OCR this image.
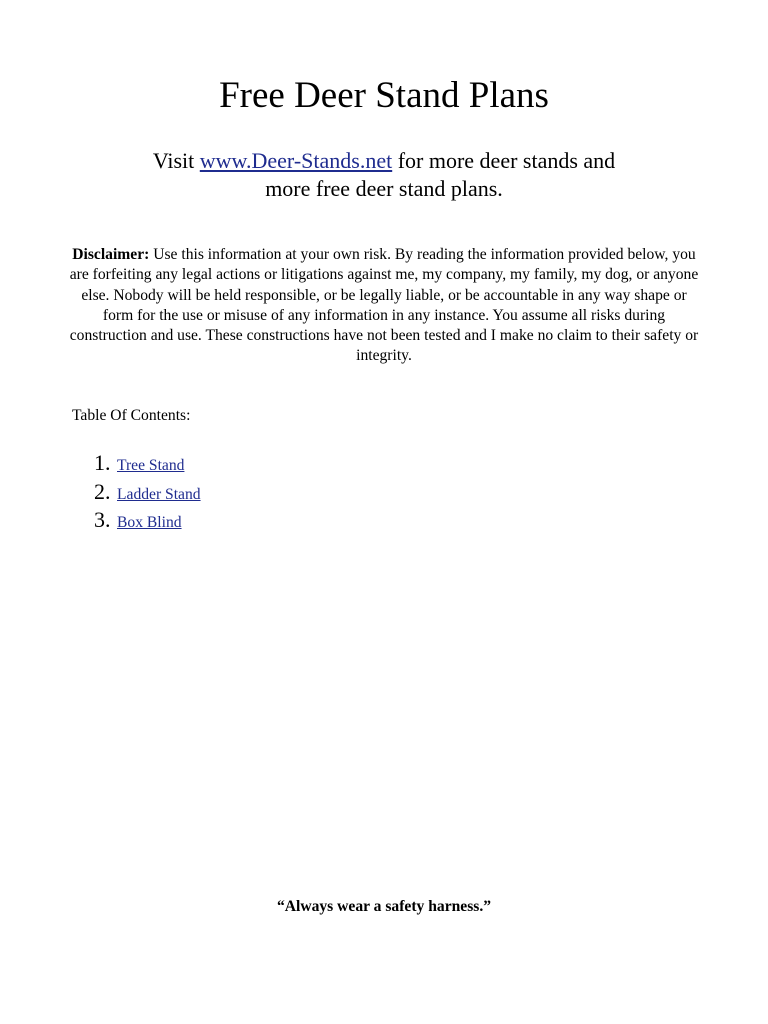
Free Deer Stand Plans

Visit www.Deer-Stands.net for more deer stands and
more free deer stand plans.

Disclaimer: Use this information at your own risk. By reading the information provided below, you are forfeiting any legal actions or litigations against me, my company, my family, my dog, or anyone else. Nobody will be held responsible, or be legally liable, or be accountable in any way shape or form for the use or misuse of any information in any instance. You assume all risks during construction and use. These constructions have not been tested and I make no claim to their safety or integrity.

Table Of Contents:

1. Tree Stand
2. Ladder Stand
3. Box Blind

“Always wear a safety harness.”
